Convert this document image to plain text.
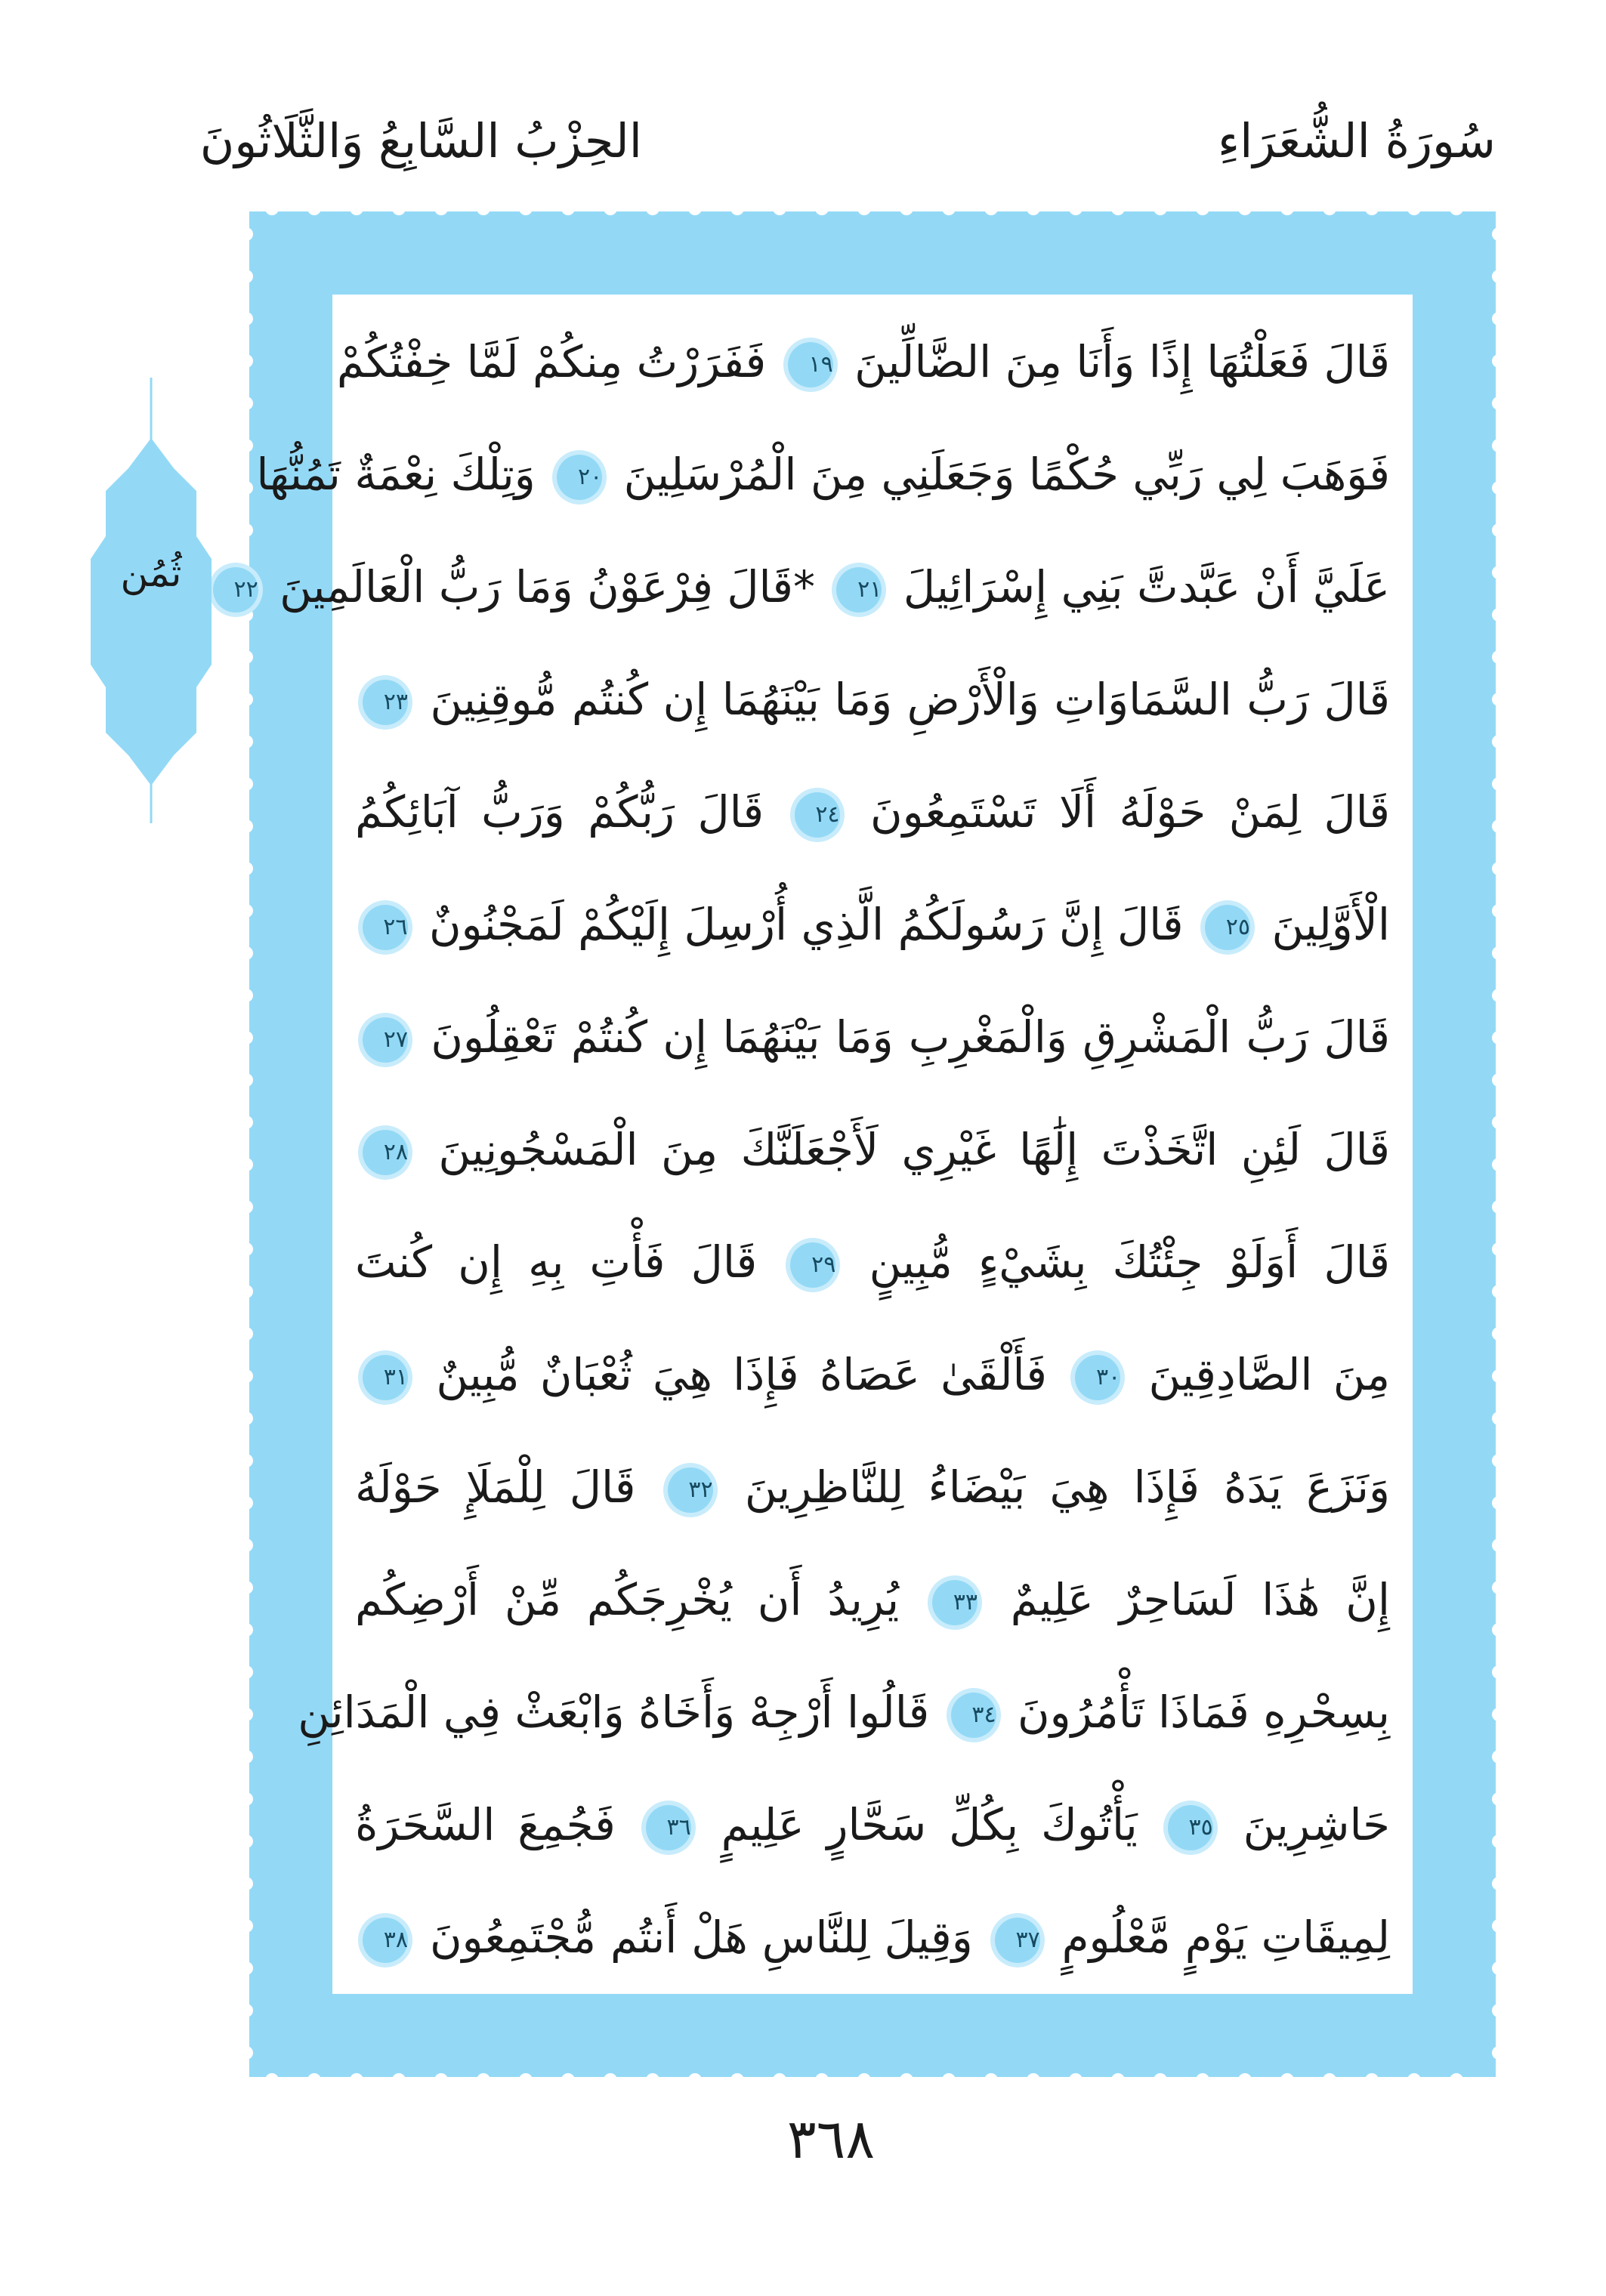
سُورَةُ الشُّعَرَاءِ
الحِزْبُ السَّابِعُ وَالثَّلَاثُونَ
قَالَ فَعَلْتُهَا إِذًا وَأَنَا مِنَ الضَّالِّينَ ١٩ فَفَرَرْتُ مِنكُمْ لَمَّا خِفْتُكُمْ
فَوَهَبَ لِي رَبِّي حُكْمًا وَجَعَلَنِي مِنَ الْمُرْسَلِينَ ٢٠ وَتِلْكَ نِعْمَةٌ تَمُنُّهَا
عَلَيَّ أَنْ عَبَّدتَّ بَنِي إِسْرَائِيلَ ٢١ *قَالَ فِرْعَوْنُ وَمَا رَبُّ الْعَالَمِينَ ٢٢
قَالَ رَبُّ السَّمَاوَاتِ وَالْأَرْضِ وَمَا بَيْنَهُمَا إِن كُنتُم مُّوقِنِينَ ٢٣
قَالَ لِمَنْ حَوْلَهُ أَلَا تَسْتَمِعُونَ ٢٤ قَالَ رَبُّكُمْ وَرَبُّ آبَائِكُمُ
الْأَوَّلِينَ ٢٥ قَالَ إِنَّ رَسُولَكُمُ الَّذِي أُرْسِلَ إِلَيْكُمْ لَمَجْنُونٌ ٢٦
قَالَ رَبُّ الْمَشْرِقِ وَالْمَغْرِبِ وَمَا بَيْنَهُمَا إِن كُنتُمْ تَعْقِلُونَ ٢٧
قَالَ لَئِنِ اتَّخَذْتَ إِلَٰهًا غَيْرِي لَأَجْعَلَنَّكَ مِنَ الْمَسْجُونِينَ ٢٨
قَالَ أَوَلَوْ جِئْتُكَ بِشَيْءٍ مُّبِينٍ ٢٩ قَالَ فَأْتِ بِهِ إِن كُنتَ
مِنَ الصَّادِقِينَ ٣٠ فَأَلْقَىٰ عَصَاهُ فَإِذَا هِيَ ثُعْبَانٌ مُّبِينٌ ٣١
وَنَزَعَ يَدَهُ فَإِذَا هِيَ بَيْضَاءُ لِلنَّاظِرِينَ ٣٢ قَالَ لِلْمَلَإِ حَوْلَهُ
إِنَّ هَٰذَا لَسَاحِرٌ عَلِيمٌ ٣٣ يُرِيدُ أَن يُخْرِجَكُم مِّنْ أَرْضِكُم
بِسِحْرِهِ فَمَاذَا تَأْمُرُونَ ٣٤ قَالُوا أَرْجِهْ وَأَخَاهُ وَابْعَثْ فِي الْمَدَائِنِ
حَاشِرِينَ ٣٥ يَأْتُوكَ بِكُلِّ سَحَّارٍ عَلِيمٍ ٣٦ فَجُمِعَ السَّحَرَةُ
لِمِيقَاتِ يَوْمٍ مَّعْلُومٍ ٣٧ وَقِيلَ لِلنَّاسِ هَلْ أَنتُم مُّجْتَمِعُونَ ٣٨
ثُمُن
٣٦٨
